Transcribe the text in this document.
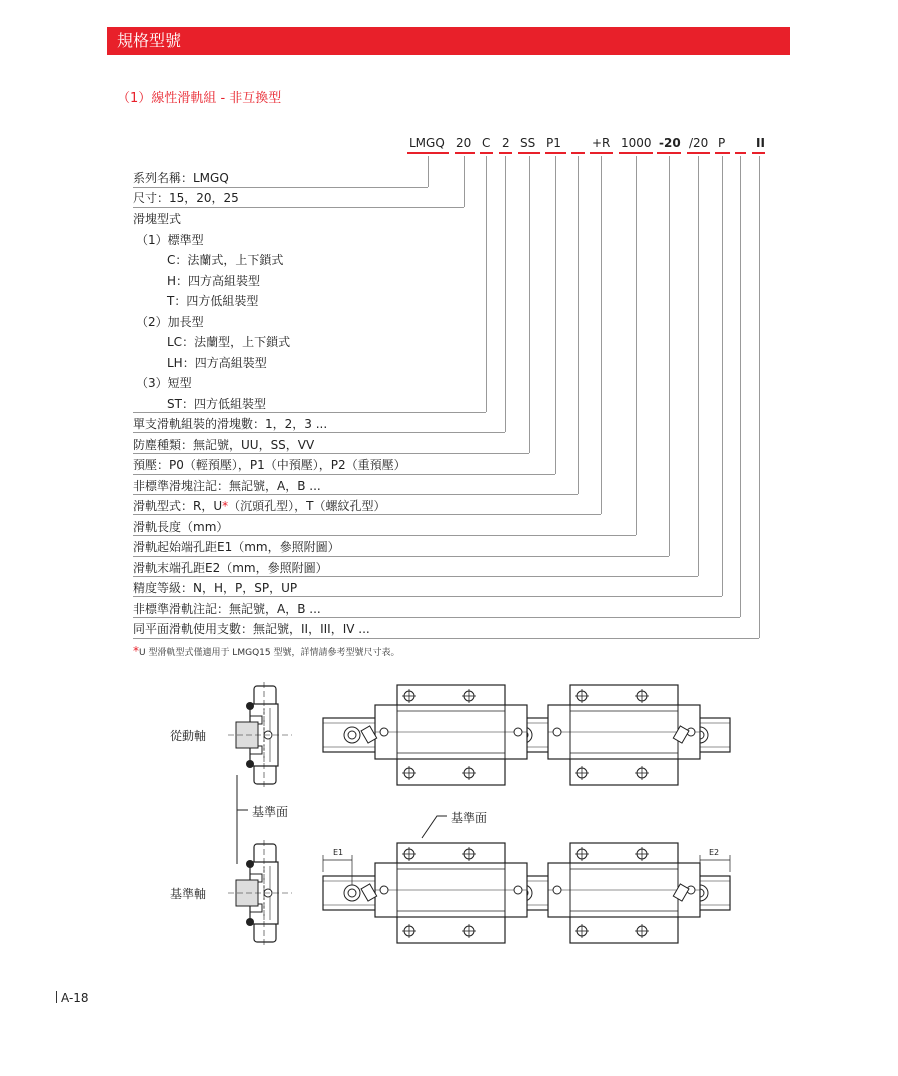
規格型號
（1）線性滑軌組 - 非互換型
LMGQ 20 C 2 SS P1	+R 1000 -20 /20 P	II
系列名稱：LMGQ
尺寸：15，20，25
滑塊型式
（1）標準型
C：法蘭式，上下鎖式
H：四方高組裝型
T：四方低組裝型
（2）加長型
LC：法蘭型，上下鎖式
LH：四方高組裝型
（3）短型
ST：四方低組裝型
單支滑軌組裝的滑塊數：1，2，3 ...
防塵種類：無記號，UU，SS，VV
預壓：P0（輕預壓），P1（中預壓），P2（重預壓）
非標準滑塊注記：無記號，A，B ...
滑軌型式：R，U*（沉頭孔型），T（螺紋孔型）
滑軌長度（mm）
滑軌起始端孔距E1（mm，參照附圖）
滑軌末端孔距E2（mm，參照附圖）
精度等級：N，H，P，SP，UP
非標準滑軌注記：無記號，A，B ...
同平面滑軌使用支數：無記號，II，III，IV ...
*U 型滑軌型式僅適用于 LMGQ15 型號，詳情請參考型號尺寸表。
從動軸
基準面	基準面
基準軸
E1	E2
A-18
